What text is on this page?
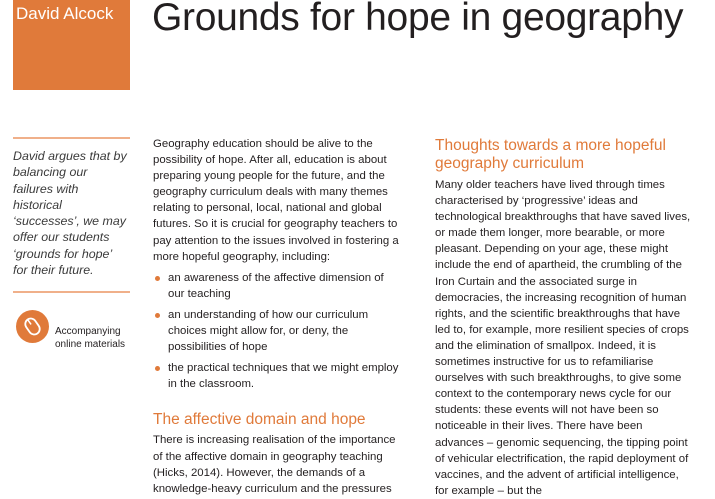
David Alcock Grounds for hope in geography
David argues that by balancing our failures with historical ‘successes’, we may offer our students ‘grounds for hope’ for their future.
Accompanying
online materials

Geography education should be alive to the possibility of hope. After all, education is about preparing young people for the future, and the geography curriculum deals with many themes relating to personal, local, national and global futures. So it is crucial for geography teachers to pay attention to the issues involved in fostering a more hopeful geography, including:

an awareness of the affective dimension of our teaching
an understanding of how our curriculum choices might allow for, or deny, the possibilities of hope
the practical techniques that we might employ in the classroom.
The affective domain and hope

There is increasing realisation of the importance of the affective domain in geography teaching (Hicks, 2014). However, the demands of a knowledge-heavy curriculum and the pressures

Thoughts towards a more hopeful geography curriculum

Many older teachers have lived through times characterised by ‘progressive’ ideas and technological breakthroughs that have saved lives, or made them longer, more bearable, or more pleasant. Depending on your age, these might include the end of apartheid, the crumbling of the Iron Curtain and the associated surge in democracies, the increasing recognition of human rights, and the scientific breakthroughs that have led to, for example, more resilient species of crops and the elimination of smallpox. Indeed, it is sometimes instructive for us to refamiliarise ourselves with such breakthroughs, to give some context to the contemporary news cycle for our students: these events will not have been so noticeable in their lives. There have been advances – genomic sequencing, the tipping point of vehicular electrification, the rapid deployment of vaccines, and the advent of artificial intelligence, for example – but the
